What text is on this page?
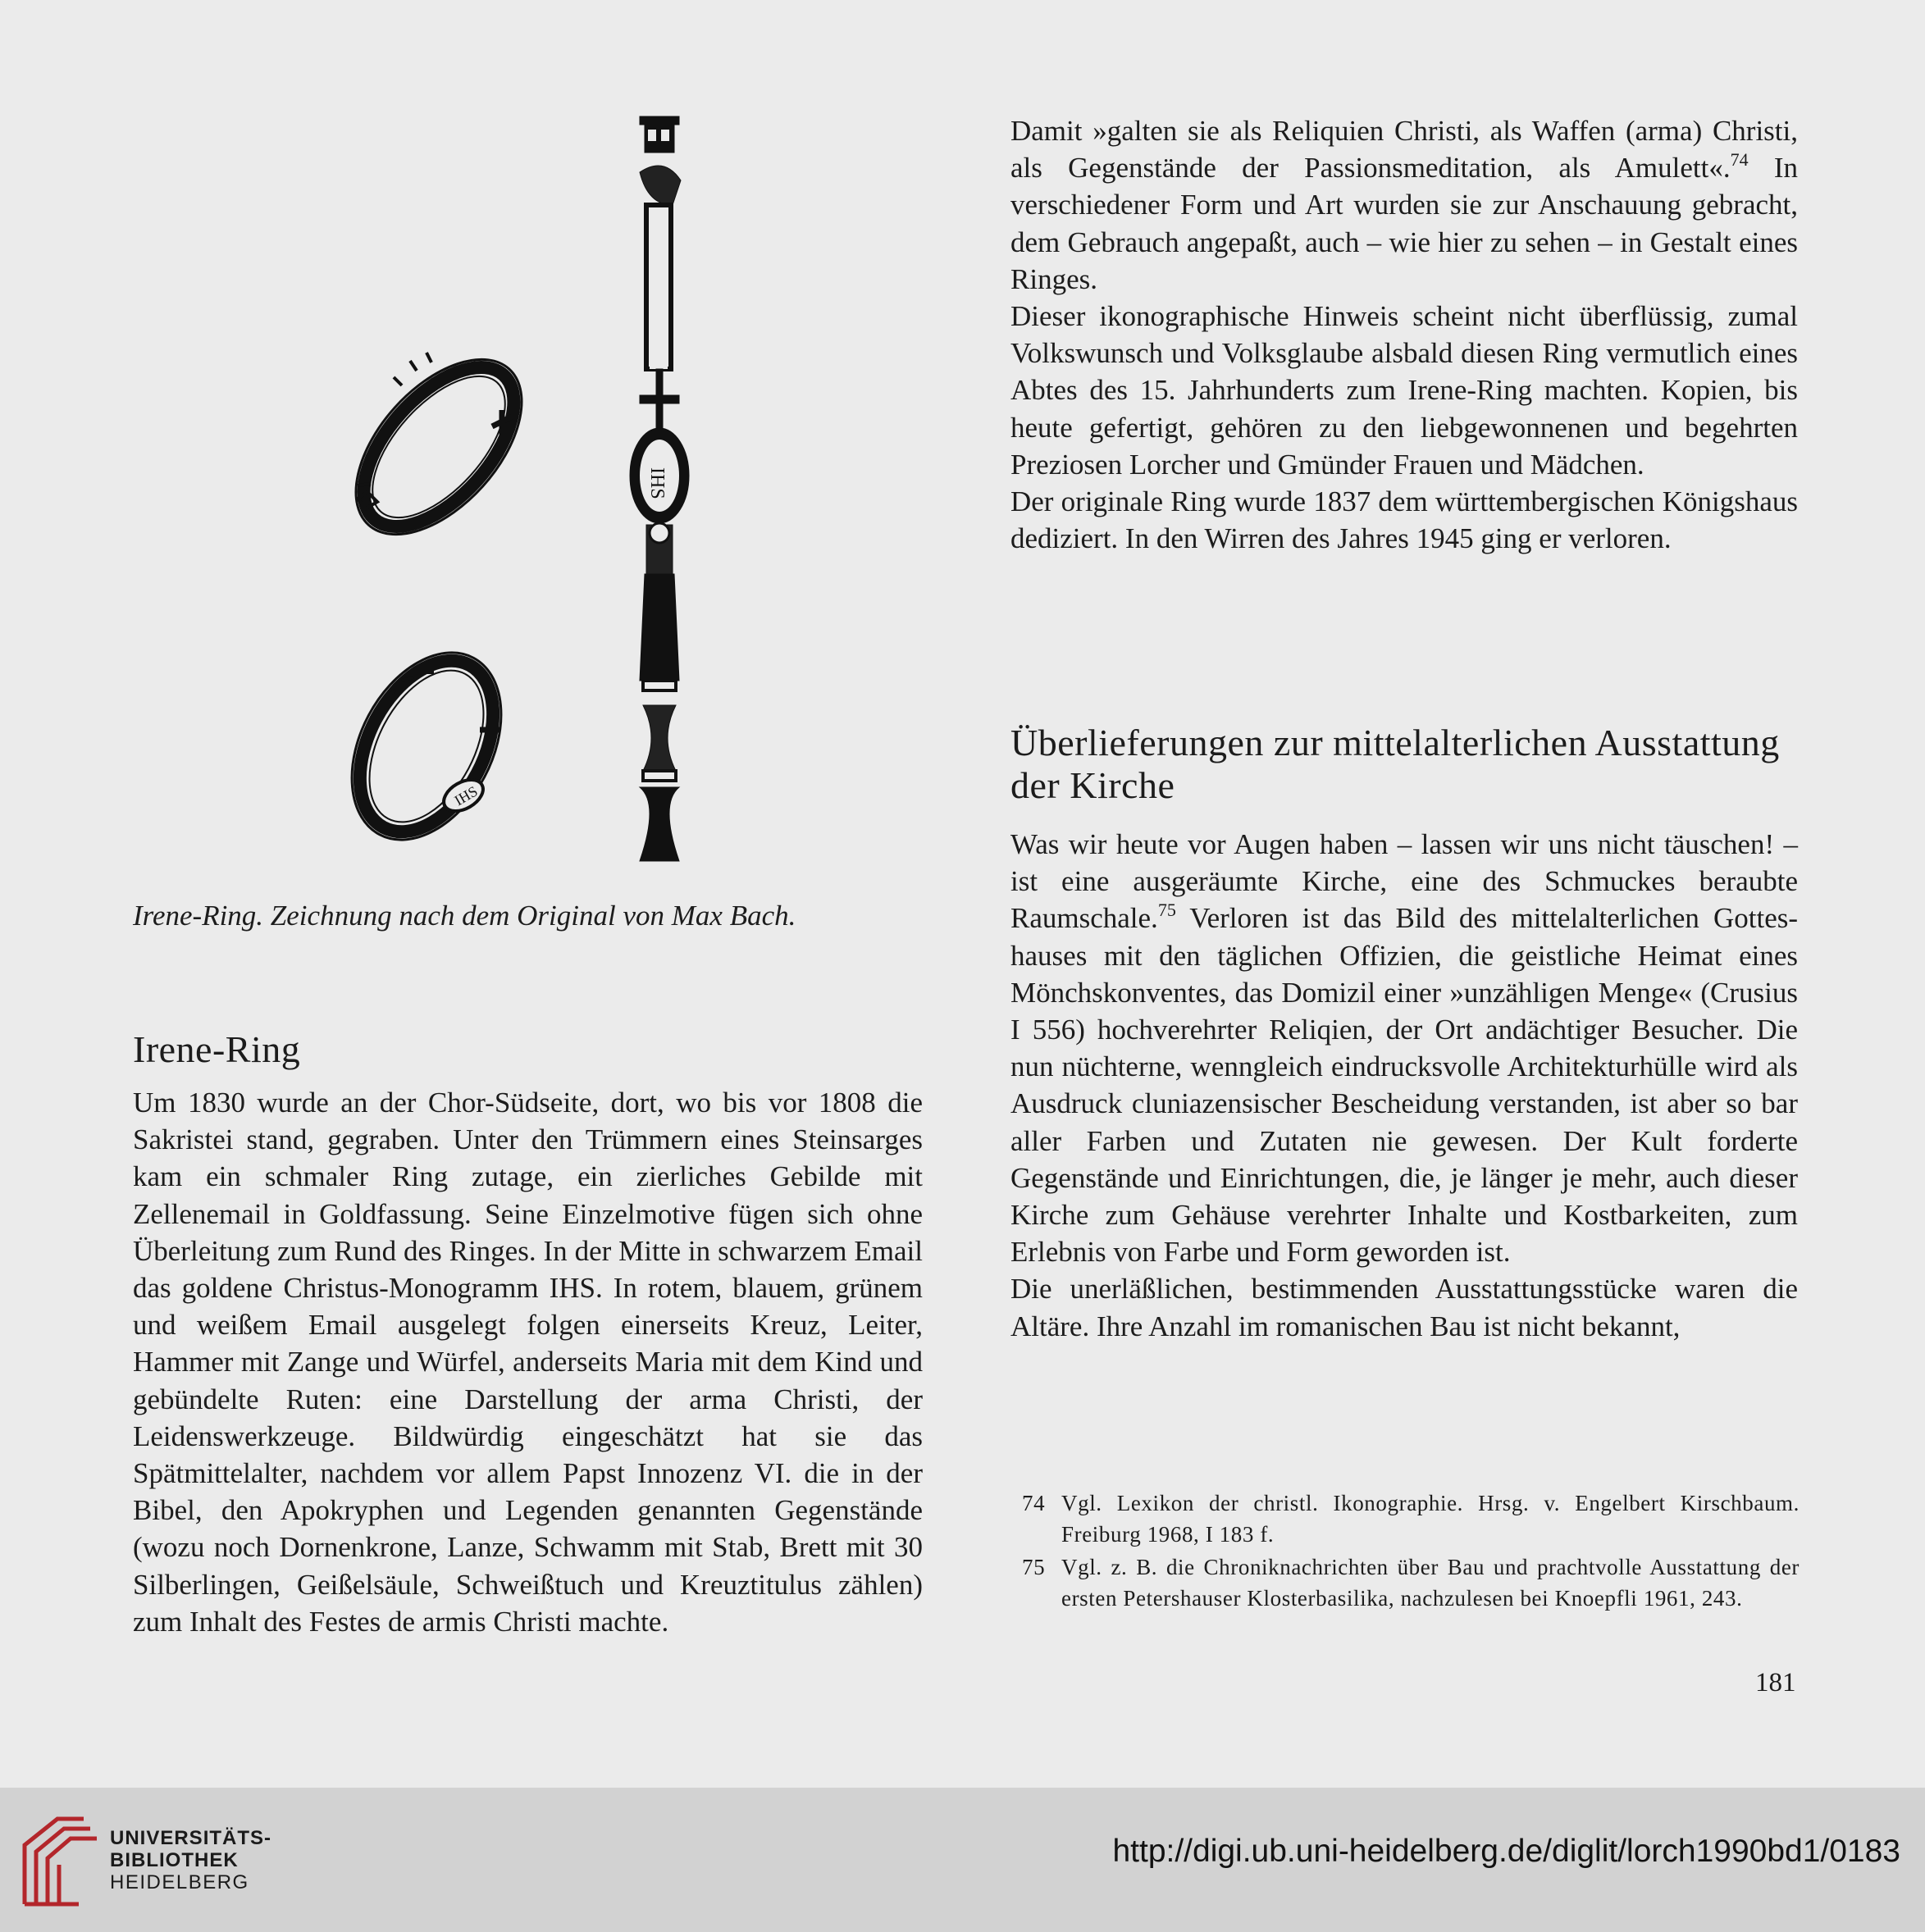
IHS
IHS
Irene-Ring. Zeichnung nach dem Original von Max Bach.
Irene-Ring

Um 1830 wurde an der Chor-Südseite, dort, wo bis vor 1808 die Sakristei stand, gegraben. Unter den Trümmern eines Steinsarges kam ein schmaler Ring zutage, ein zierliches Gebilde mit Zellenemail in Goldfassung. Seine Einzelmotive fügen sich ohne Überleitung zum Rund des Ringes. In der Mitte in schwarzem Email das goldene Christus-Monogramm IHS. In rotem, blauem, grünem und weißem Email ausgelegt folgen einerseits Kreuz, Leiter, Hammer mit Zange und Würfel, anderseits Maria mit dem Kind und gebündelte Ruten: eine Darstellung der arma Christi, der Leidenswerkzeuge. Bildwürdig eingeschätzt hat sie das Spätmittelalter, nachdem vor allem Papst Innozenz VI. die in der Bibel, den Apokryphen und Legenden genannten Gegenstände (wozu noch Dornenkrone, Lanze, Schwamm mit Stab, Brett mit 30 Silberlingen, Geißelsäule, Schweißtuch und Kreuztitulus zählen) zum Inhalt des Festes de armis Christi machte.

Damit »galten sie als Reliquien Christi, als Waffen (arma) Christi, als Gegenstände der Passionsmeditation, als Amulett«.$^{74}$ In verschiedener Form und Art wurden sie zur Anschauung gebracht, dem Gebrauch angepaßt, auch – wie hier zu sehen – in Gestalt eines Ringes.

Dieser ikonographische Hinweis scheint nicht überflüssig, zumal Volkswunsch und Volksglaube alsbald diesen Ring vermutlich eines Abtes des 15. Jahrhunderts zum Irene-Ring machten. Kopien, bis heute gefertigt, gehören zu den liebgewonnenen und begehrten Preziosen Lorcher und Gmünder Frauen und Mädchen.

Der originale Ring wurde 1837 dem württembergischen Königshaus dediziert. In den Wirren des Jahres 1945 ging er verloren.

Überlieferungen zur mittelalterlichen Ausstattung der Kirche

Was wir heute vor Augen haben – lassen wir uns nicht täuschen! – ist eine ausgeräumte Kirche, eine des Schmuckes beraubte Raumschale.$^{75}$ Verloren ist das Bild des mittelalterlichen Gotteshauses mit den täglichen Offizien, die geistliche Heimat eines Mönchskonventes, das Domizil einer »unzähligen Menge« (Crusius I 556) hochverehrter Reliqien, der Ort andächtiger Besucher. Die nun nüchterne, wenngleich eindrucksvolle Architekturhülle wird als Ausdruck cluniazensischer Bescheidung verstanden, ist aber so bar aller Farben und Zutaten nie gewesen. Der Kult forderte Gegenstände und Einrichtungen, die, je länger je mehr, auch dieser Kirche zum Gehäuse verehrter Inhalte und Kostbarkeiten, zum Erlebnis von Farbe und Form geworden ist.

Die unerläßlichen, bestimmenden Ausstattungsstücke waren die Altäre. Ihre Anzahl im romanischen Bau ist nicht bekannt,

74 Vgl. Lexikon der christl. Ikonographie. Hrsg. v. Engelbert Kirschbaum. Freiburg 1968, I 183 f.

75 Vgl. z. B. die Chroniknachrichten über Bau und prachtvolle Ausstattung der ersten Petershauser Klosterbasilika, nachzulesen bei Knoepfli 1961, 243.

181
UNIVERSITÄTS-
BIBLIOTHEK
HEIDELBERG
http://digi.ub.uni-heidelberg.de/diglit/lorch1990bd1/0183
